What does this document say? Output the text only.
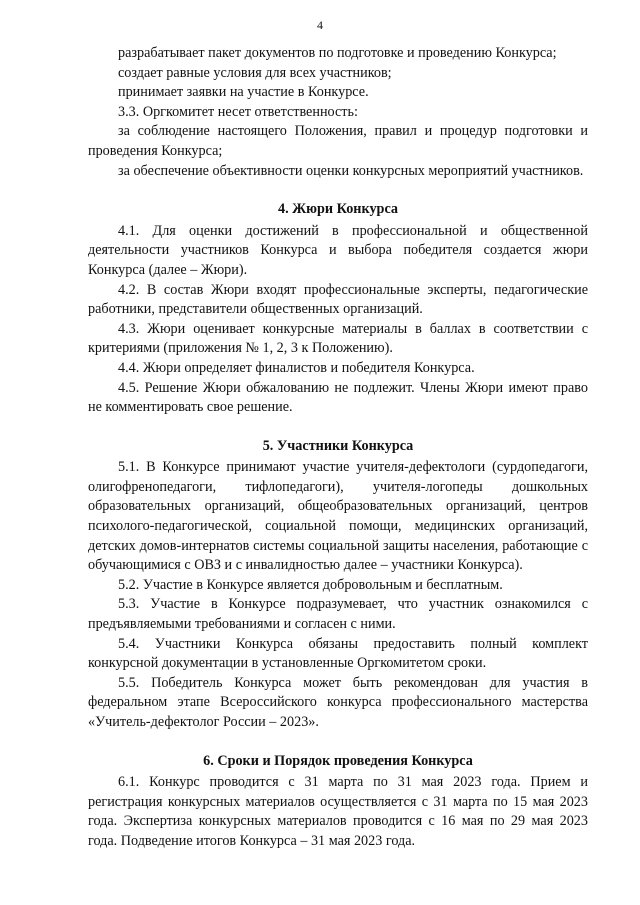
4

разрабатывает пакет документов по подготовке и проведению Конкурса;

создает равные условия для всех участников;

принимает заявки на участие в Конкурсе.

3.3. Оргкомитет несет ответственность:

за соблюдение настоящего Положения, правил и процедур подготовки и проведения Конкурса;

за обеспечение объективности оценки конкурсных мероприятий участников.

4. Жюри Конкурса

4.1. Для оценки достижений в профессиональной и общественной деятельности участников Конкурса и выбора победителя создается жюри Конкурса (далее – Жюри).

4.2. В состав Жюри входят профессиональные эксперты, педагогические работники, представители общественных организаций.

4.3. Жюри оценивает конкурсные материалы в баллах в соответствии с критериями (приложения № 1, 2, 3 к Положению).

4.4. Жюри определяет финалистов и победителя Конкурса.

4.5. Решение Жюри обжалованию не подлежит. Члены Жюри имеют право не комментировать свое решение.

5. Участники Конкурса

5.1. В Конкурсе принимают участие учителя-дефектологи (сурдопедагоги, олигофренопедагоги, тифлопедагоги), учителя-логопеды дошкольных образовательных организаций, общеобразовательных организаций, центров психолого-педагогической, социальной помощи, медицинских организаций, детских домов-интернатов системы социальной защиты населения, работающие с обучающимися с ОВЗ и с инвалидностью далее – участники Конкурса).

5.2. Участие в Конкурсе является добровольным и бесплатным.

5.3. Участие в Конкурсе подразумевает, что участник ознакомился с предъявляемыми требованиями и согласен с ними.

5.4. Участники Конкурса обязаны предоставить полный комплект конкурсной документации в установленные Оргкомитетом сроки.

5.5. Победитель Конкурса может быть рекомендован для участия в федеральном этапе Всероссийского конкурса профессионального мастерства «Учитель-дефектолог России – 2023».

6. Сроки и Порядок проведения Конкурса

6.1. Конкурс проводится с 31 марта по 31 мая 2023 года. Прием и регистрация конкурсных материалов осуществляется с 31 марта по 15 мая 2023 года. Экспертиза конкурсных материалов проводится с 16 мая по 29 мая 2023 года. Подведение итогов Конкурса – 31 мая 2023 года.
